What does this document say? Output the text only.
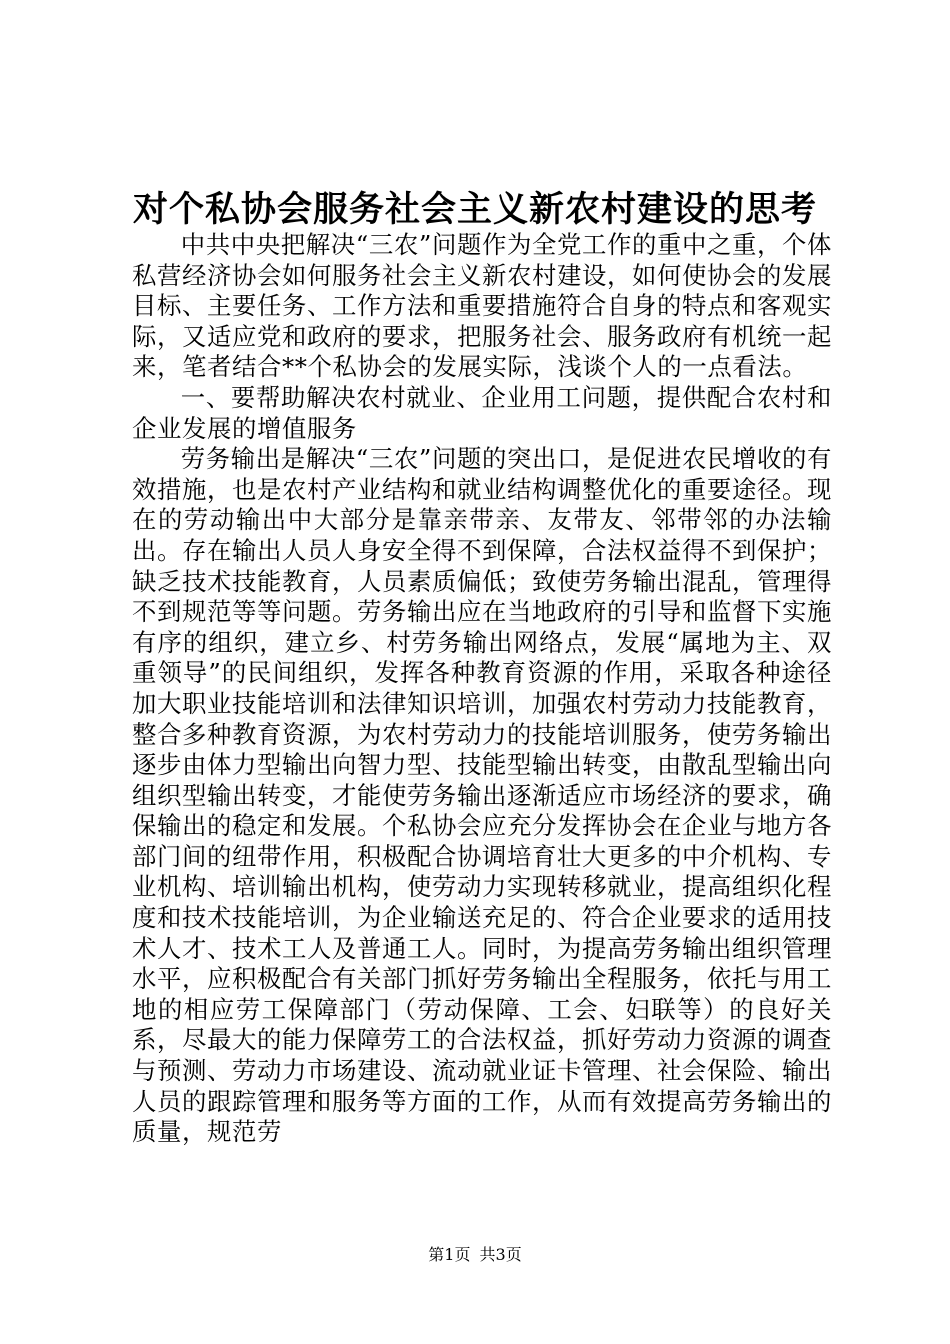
对个私协会服务社会主义新农村建设的思考

中共中央把解决“三农”问题作为全党工作的重中之重，个体私营经济协会如何服务社会主义新农村建设，如何使协会的发展目标、主要任务、工作方法和重要措施符合自身的特点和客观实际，又适应党和政府的要求，把服务社会、服务政府有机统一起来，笔者结合**个私协会的发展实际，浅谈个人的一点看法。

一、要帮助解决农村就业、企业用工问题，提供配合农村和企业发展的增值服务

劳务输出是解决“三农”问题的突出口，是促进农民增收的有效措施，也是农村产业结构和就业结构调整优化的重要途径。现在的劳动输出中大部分是靠亲带亲、友带友、邻带邻的办法输出。存在输出人员人身安全得不到保障，合法权益得不到保护；缺乏技术技能教育，人员素质偏低；致使劳务输出混乱，管理得不到规范等等问题。劳务输出应在当地政府的引导和监督下实施有序的组织，建立乡、村劳务输出网络点，发展“属地为主、双重领导”的民间组织，发挥各种教育资源的作用，采取各种途径加大职业技能培训和法律知识培训，加强农村劳动力技能教育，整合多种教育资源，为农村劳动力的技能培训服务，使劳务输出逐步由体力型输出向智力型、技能型输出转变，由散乱型输出向组织型输出转变，才能使劳务输出逐渐适应市场经济的要求，确保输出的稳定和发展。个私协会应充分发挥协会在企业与地方各部门间的纽带作用，积极配合协调培育壮大更多的中介机构、专业机构、培训输出机构，使劳动力实现转移就业，提高组织化程度和技术技能培训，为企业输送充足的、符合企业要求的适用技术人才、技术工人及普通工人。同时，为提高劳务输出组织管理水平，应积极配合有关部门抓好劳务输出全程服务，依托与用工地的相应劳工保障部门（劳动保障、工会、妇联等）的良好关系，尽最大的能力保障劳工的合法权益，抓好劳动力资源的调查与预测、劳动力市场建设、流动就业证卡管理、社会保险、输出人员的跟踪管理和服务等方面的工作，从而有效提高劳务输出的质量，规范劳

第1页 共3页
